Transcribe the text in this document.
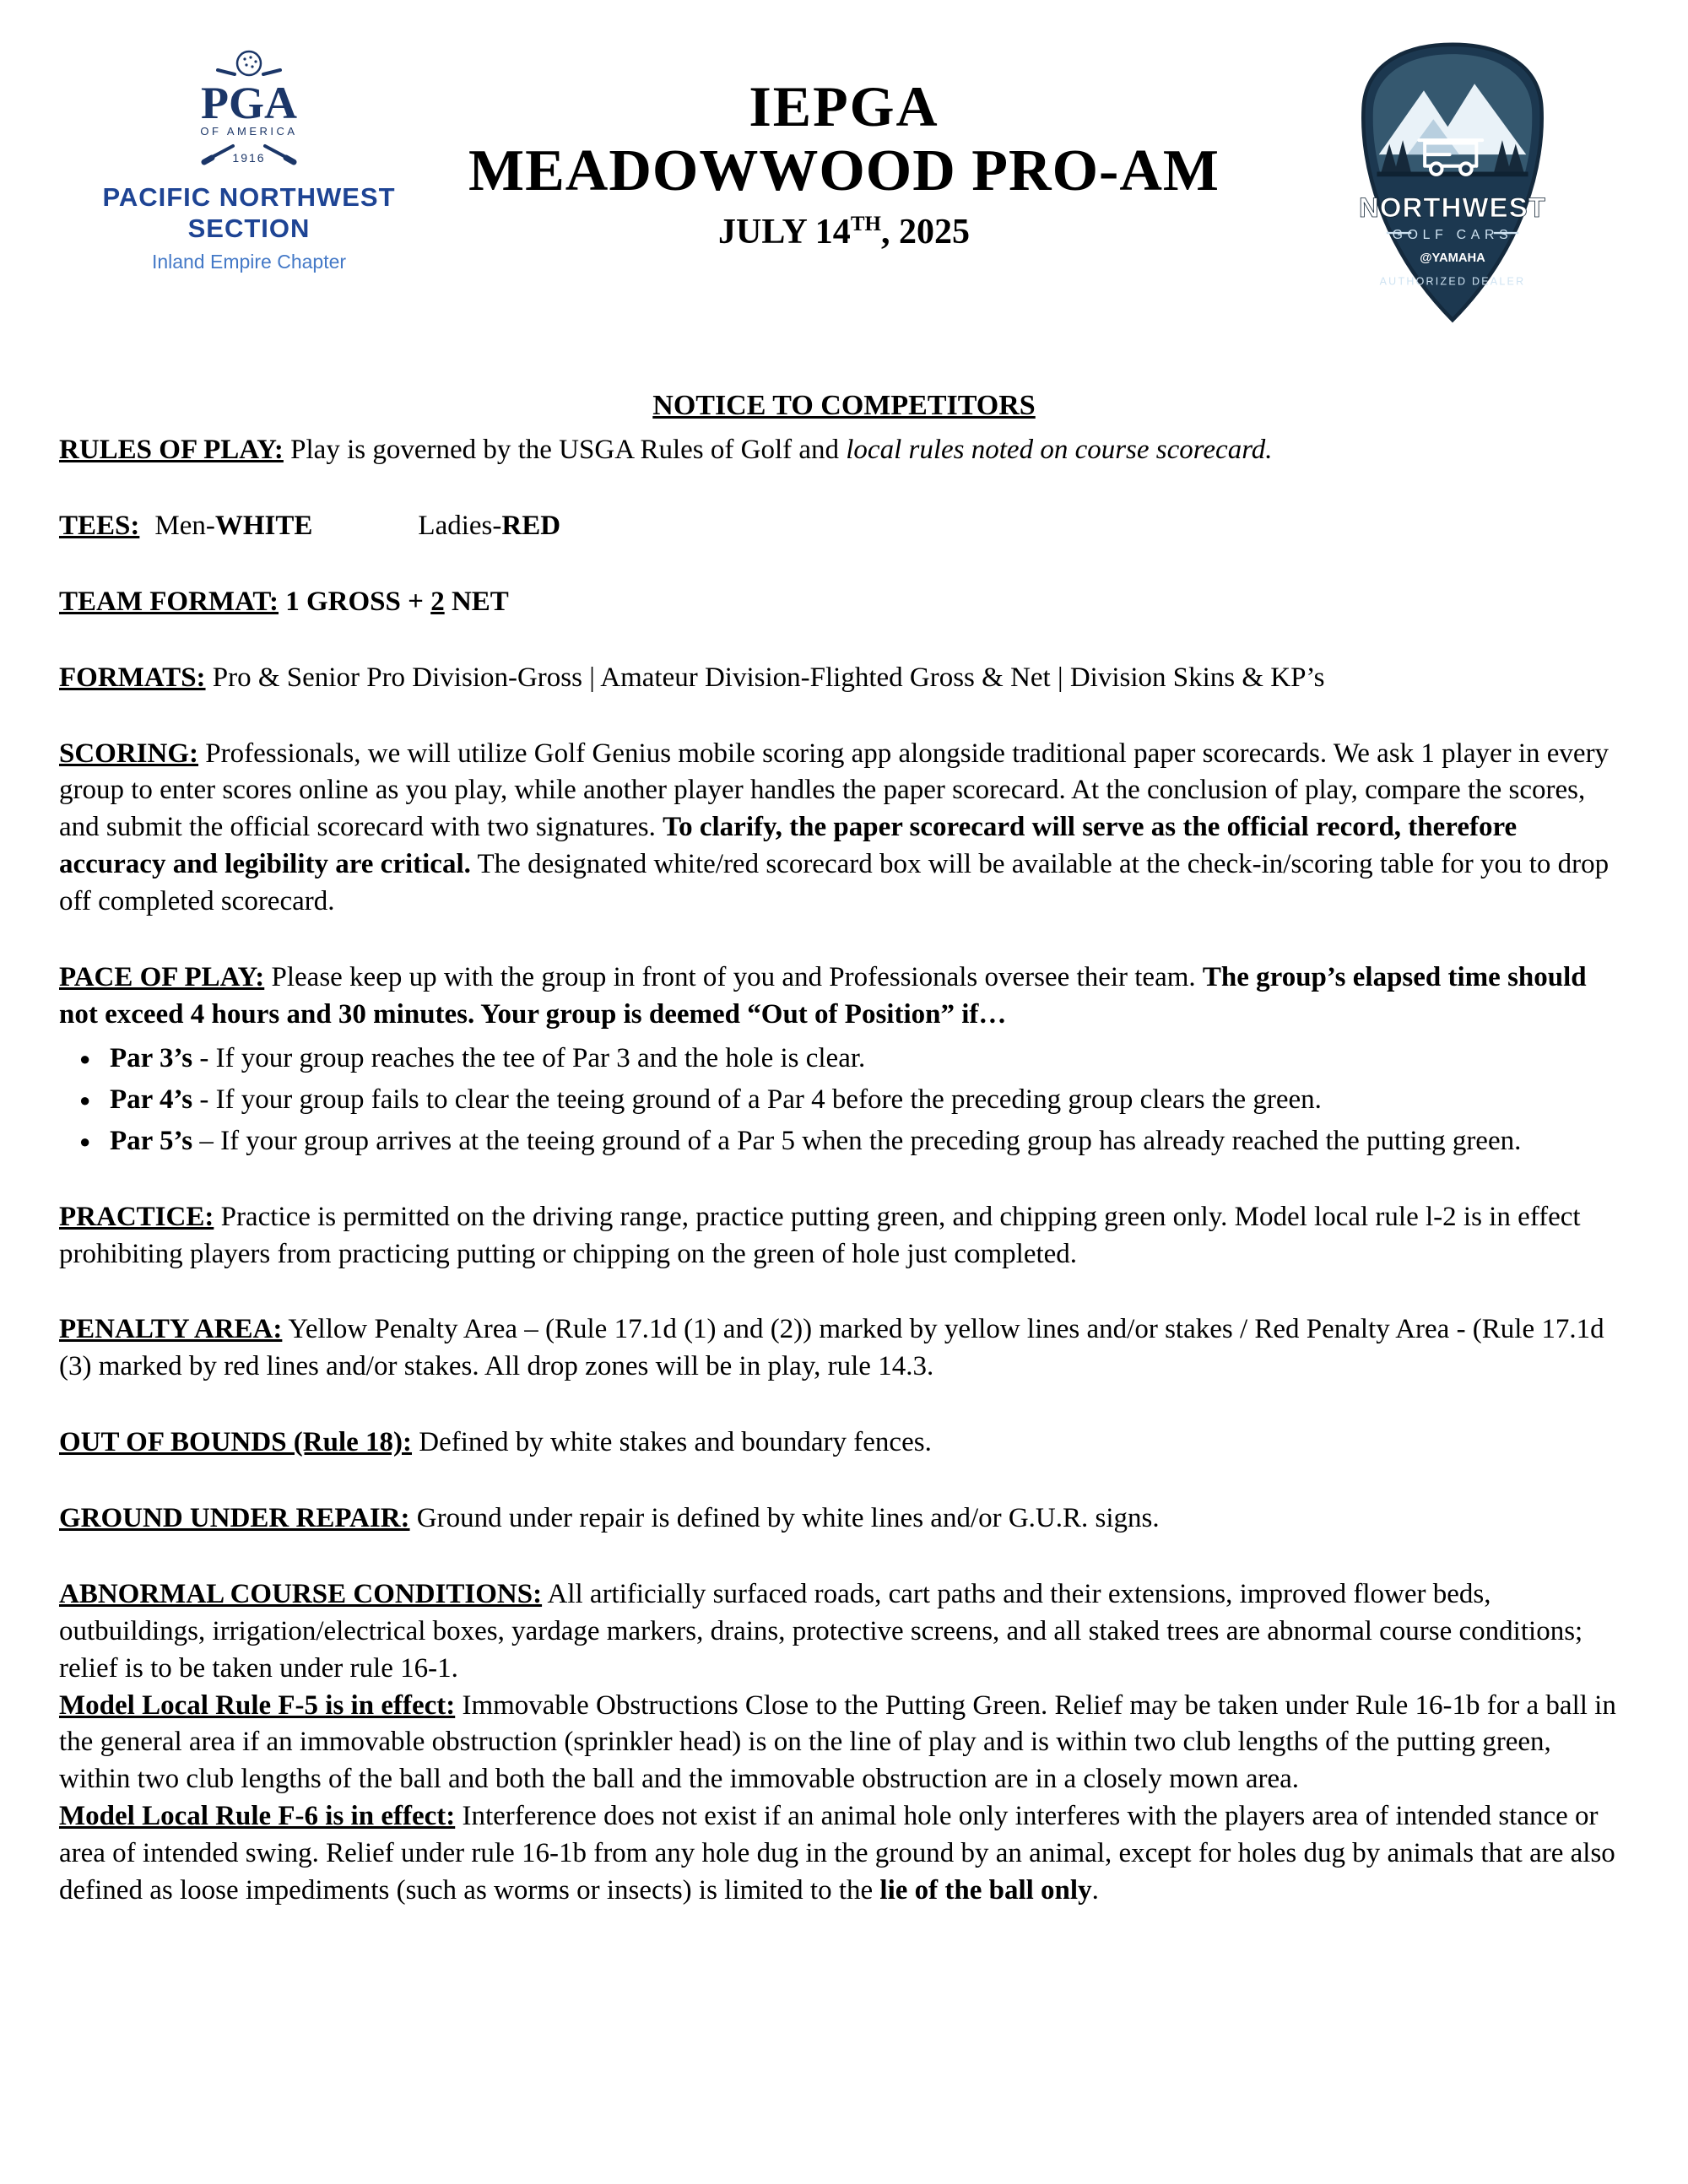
PGA
OF AMERICA
1916
PACIFIC NORTHWEST
SECTION
Inland Empire Chapter
IEPGA
MEADOWWOOD PRO-AM
JULY 14TH, 2025
NORTHWEST
GOLF CARS
@YAMAHA
AUTHORIZED DEALER
NOTICE TO COMPETITORS

RULES OF PLAY: Play is governed by the USGA Rules of Golf and local rules noted on course scorecard.

TEES: Men-WHITE	Ladies-RED

TEAM FORMAT: 1 GROSS + 2 NET

FORMATS: Pro & Senior Pro Division-Gross | Amateur Division-Flighted Gross & Net | Division Skins & KP’s

SCORING: Professionals, we will utilize Golf Genius mobile scoring app alongside traditional paper scorecards. We ask 1 player in every group to enter scores online as you play, while another player handles the paper scorecard. At the conclusion of play, compare the scores, and submit the official scorecard with two signatures. To clarify, the paper scorecard will serve as the official record, therefore accuracy and legibility are critical. The designated white/red scorecard box will be available at the check-in/scoring table for you to drop off completed scorecard.

PACE OF PLAY: Please keep up with the group in front of you and Professionals oversee their team. The group’s elapsed time should not exceed 4 hours and 30 minutes. Your group is deemed “Out of Position” if…

● Par 3’s - If your group reaches the tee of Par 3 and the hole is clear.
● Par 4’s - If your group fails to clear the teeing ground of a Par 4 before the preceding group clears the green.
● Par 5’s – If your group arrives at the teeing ground of a Par 5 when the preceding group has already reached the putting green.

PRACTICE: Practice is permitted on the driving range, practice putting green, and chipping green only. Model local rule l-2 is in effect prohibiting players from practicing putting or chipping on the green of hole just completed.

PENALTY AREA: Yellow Penalty Area – (Rule 17.1d (1) and (2)) marked by yellow lines and/or stakes / Red Penalty Area - (Rule 17.1d (3) marked by red lines and/or stakes. All drop zones will be in play, rule 14.3.

OUT OF BOUNDS (Rule 18): Defined by white stakes and boundary fences.

GROUND UNDER REPAIR: Ground under repair is defined by white lines and/or G.U.R. signs.

ABNORMAL COURSE CONDITIONS: All artificially surfaced roads, cart paths and their extensions, improved flower beds, outbuildings, irrigation/electrical boxes, yardage markers, drains, protective screens, and all staked trees are abnormal course conditions; relief is to be taken under rule 16-1.

Model Local Rule F-5 is in effect: Immovable Obstructions Close to the Putting Green. Relief may be taken under Rule 16-1b for a ball in the general area if an immovable obstruction (sprinkler head) is on the line of play and is within two club lengths of the putting green, within two club lengths of the ball and both the ball and the immovable obstruction are in a closely mown area.

Model Local Rule F-6 is in effect: Interference does not exist if an animal hole only interferes with the players area of intended stance or area of intended swing. Relief under rule 16-1b from any hole dug in the ground by an animal, except for holes dug by animals that are also defined as loose impediments (such as worms or insects) is limited to the lie of the ball only.
